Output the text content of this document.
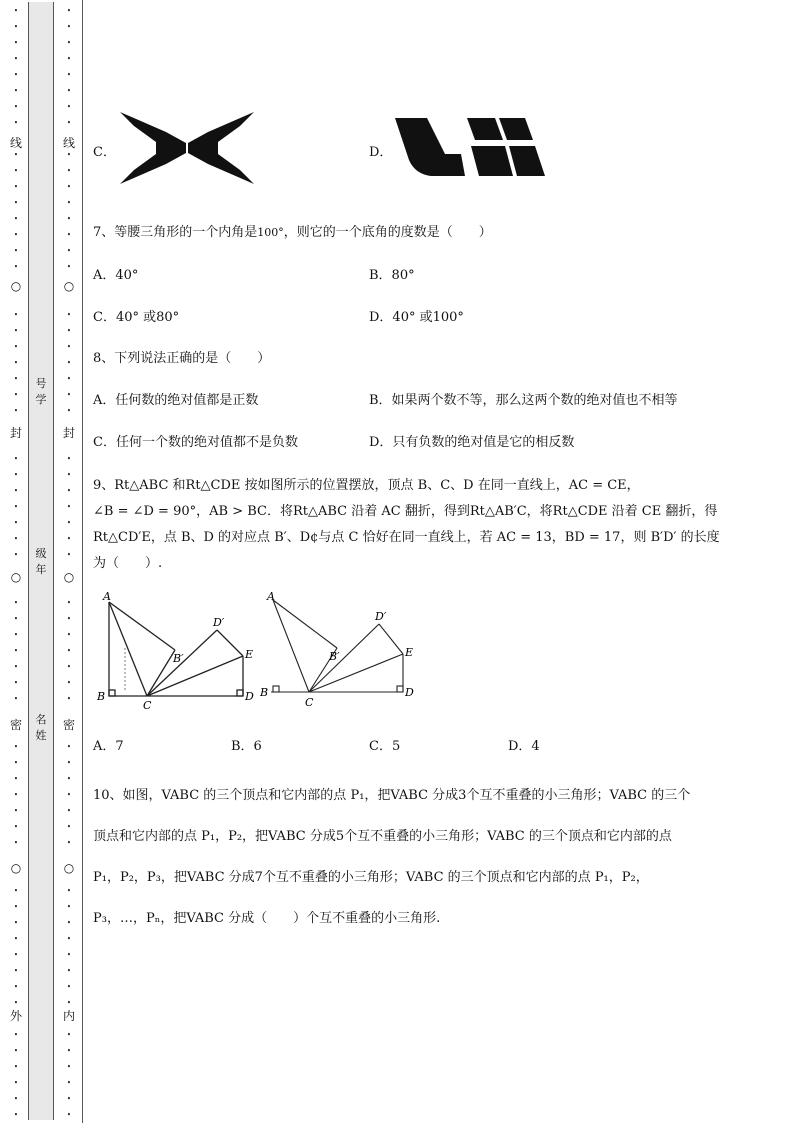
•
•
•
•
•
•
•
•
•
•
•
•
•
•
•
•
•
•
•
•
•
•
•
•
•
•
•
•
•
•
•
•
•
•
•
•
•
•
•
•
•
•
•
•
•
•
•
•
•
•
•
•
•
•
•
•
•
•
号学
级年
名姓
•
•
•
•
•
•
•
•
•
•
•
•
•
•
•
•
•
•
•
•
•
•
•
•
•
•
•
•
•
•
•
•
•
•
•
•
•
•
•
•
•
•
•
•
•
•
•
•
•
•
•
•
•
•
•
•
•
•
线
○
封
○
密
○
外
线
○
封
○
密
○
内
C．	D．
7、等腰三角形的一个内角是100°，则它的一个底角的度数是（　　）
A．40°	B．80°
C．40° 或80°	D．40° 或100°
8、下列说法正确的是（　　）
A．任何数的绝对值都是正数	B．如果两个数不等，那么这两个数的绝对值也不相等
C．任何一个数的绝对值都不是负数	D．只有负数的绝对值是它的相反数
9、Rt△ABC 和Rt△CDE 按如图所示的位置摆放，顶点 B、C、D 在同一直线上，AC = CE，
∠B = ∠D = 90°，AB > BC．将Rt△ABC 沿着 AC 翻折，得到Rt△AB′C，将Rt△CDE 沿着 CE 翻折，得
Rt△CD′E，点 B、D 的对应点 B′、D¢与点 C 恰好在同一直线上，若 AC = 13，BD = 17，则 B′D′ 的长度
为（　　）.
A
B′
D′
E
B
C
D
A
B′
D′
E
B
C
D
A．7	B．6	C．5	D．4
10、如图，VABC 的三个顶点和它内部的点 P₁，把VABC 分成3个互不重叠的小三角形；VABC 的三个
顶点和它内部的点 P₁，P₂，把VABC 分成5个互不重叠的小三角形；VABC 的三个顶点和它内部的点
P₁，P₂，P₃，把VABC 分成7个互不重叠的小三角形；VABC 的三个顶点和它内部的点 P₁，P₂，
P₃，…，Pₙ，把VABC 分成（　　）个互不重叠的小三角形.
